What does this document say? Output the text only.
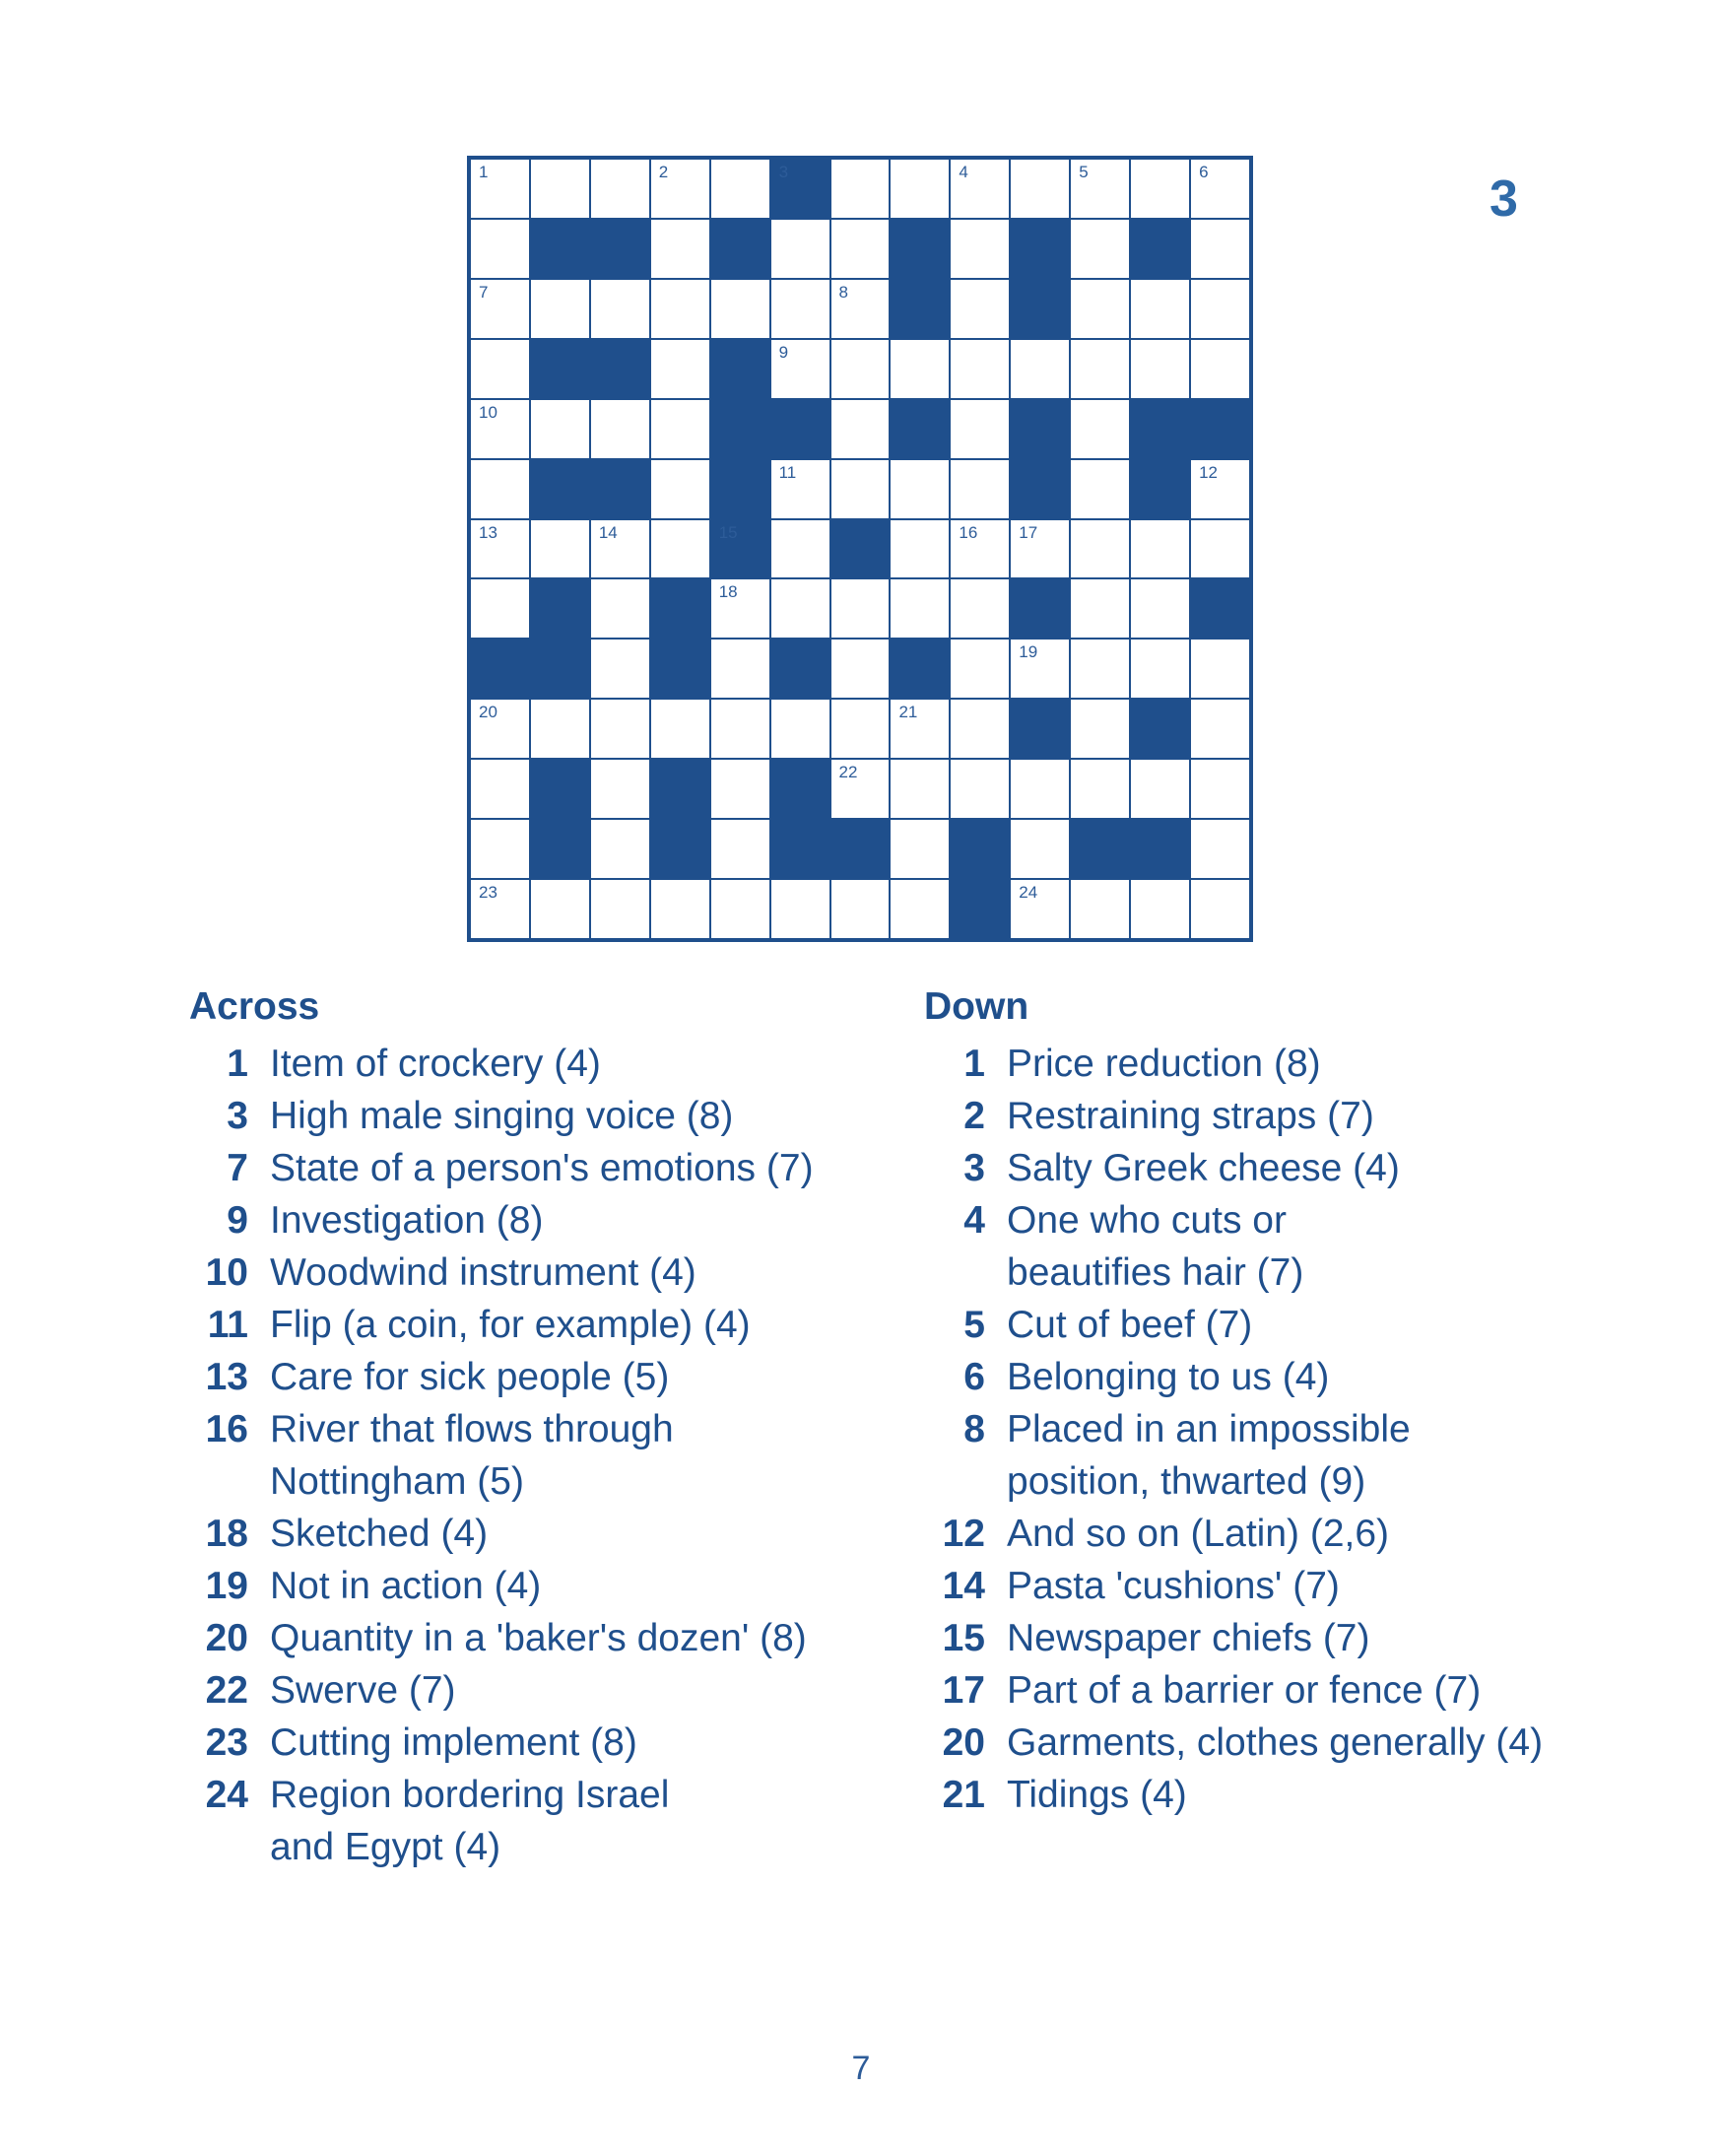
1	2	3	4	5	6
7	8
9
10
11	12
13	14	15	16 17
18
19
20	21
22
23	24
3
Across	Down
1 Item of crockery (4)
3 High male singing voice (8)
7 State of a person's emotions (7)
9 Investigation (8)
10 Woodwind instrument (4)
11 Flip (a coin, for example) (4)
13 Care for sick people (5)
16 River that flows through
Nottingham (5)
18 Sketched (4)
19 Not in action (4)
20 Quantity in a 'baker's dozen' (8)
22 Swerve (7)
23 Cutting implement (8)
24 Region bordering Israel
and Egypt (4)
1 Price reduction (8)
2 Restraining straps (7)
3 Salty Greek cheese (4)
4 One who cuts or
beautifies hair (7)
5 Cut of beef (7)
6 Belonging to us (4)
8 Placed in an impossible
position, thwarted (9)
12 And so on (Latin) (2,6)
14 Pasta 'cushions' (7)
15 Newspaper chiefs (7)
17 Part of a barrier or fence (7)
20 Garments, clothes generally (4)
21 Tidings (4)
7
